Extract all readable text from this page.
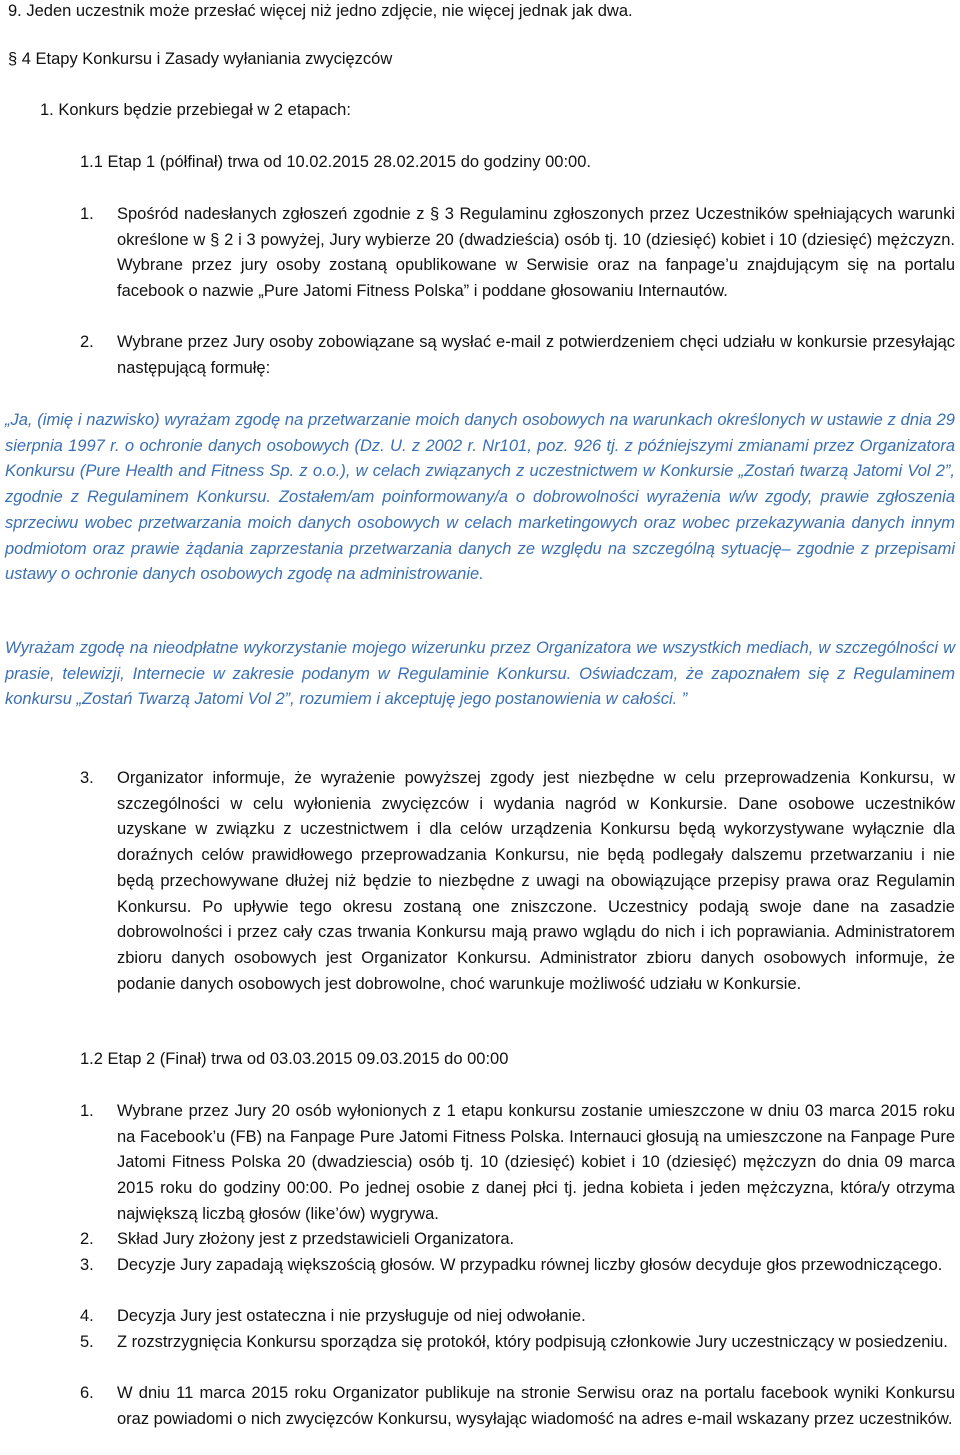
9. Jeden uczestnik może przesłać więcej niż jedno zdjęcie, nie więcej jednak jak dwa.
§ 4 Etapy Konkursu i Zasady wyłaniania zwycięzców
1. Konkurs będzie przebiegał w 2 etapach:
1.1 Etap 1 (półfinał) trwa od 10.02.2015 28.02.2015 do godziny 00:00.
1. Spośród nadesłanych zgłoszeń zgodnie z § 3 Regulaminu zgłoszonych przez Uczestników spełniających warunki określone w § 2 i 3 powyżej, Jury wybierze 20 (dwadzieścia) osób tj. 10 (dziesięć) kobiet i 10 (dziesięć) mężczyzn. Wybrane przez jury osoby zostaną opublikowane w Serwisie oraz na fanpage’u znajdującym się na portalu facebook o nazwie „Pure Jatomi Fitness Polska” i poddane głosowaniu Internautów.

2. Wybrane przez Jury osoby zobowiązane są wysłać e-mail z potwierdzeniem chęci udziału w konkursie przesyłając następującą formułę:

„Ja, (imię i nazwisko) wyrażam zgodę na przetwarzanie moich danych osobowych na warunkach określonych w ustawie z dnia 29 sierpnia 1997 r. o ochronie danych osobowych (Dz. U. z 2002 r. Nr101, poz. 926 tj. z późniejszymi zmianami przez Organizatora Konkursu (Pure Health and Fitness Sp. z o.o.), w celach związanych z uczestnictwem w Konkursie „Zostań twarzą Jatomi Vol 2”, zgodnie z Regulaminem Konkursu. Zostałem/am poinformowany/a o dobrowolności wyrażenia w/w zgody, prawie zgłoszenia sprzeciwu wobec przetwarzania moich danych osobowych w celach marketingowych oraz wobec przekazywania danych innym podmiotom oraz prawie żądania zaprzestania przetwarzania danych ze względu na szczególną sytuację– zgodnie z przepisami ustawy o ochronie danych osobowych zgodę na administrowanie.

Wyrażam zgodę na nieodpłatne wykorzystanie mojego wizerunku przez Organizatora we wszystkich mediach, w szczególności w prasie, telewizji, Internecie w zakresie podanym w Regulaminie Konkursu. Oświadczam, że zapoznałem się z Regulaminem konkursu „Zostań Twarzą Jatomi Vol 2”, rozumiem i akceptuję jego postanowienia w całości. ”

3. Organizator informuje, że wyrażenie powyższej zgody jest niezbędne w celu przeprowadzenia Konkursu, w szczególności w celu wyłonienia zwycięzców i wydania nagród w Konkursie. Dane osobowe uczestników uzyskane w związku z uczestnictwem i dla celów urządzenia Konkursu będą wykorzystywane wyłącznie dla doraźnych celów prawidłowego przeprowadzania Konkursu, nie będą podlegały dalszemu przetwarzaniu i nie będą przechowywane dłużej niż będzie to niezbędne z uwagi na obowiązujące przepisy prawa oraz Regulamin Konkursu. Po upływie tego okresu zostaną one zniszczone. Uczestnicy podają swoje dane na zasadzie dobrowolności i przez cały czas trwania Konkursu mają prawo wglądu do nich i ich poprawiania. Administratorem zbioru danych osobowych jest Organizator Konkursu. Administrator zbioru danych osobowych informuje, że podanie danych osobowych jest dobrowolne, choć warunkuje możliwość udziału w Konkursie.

1.2 Etap 2 (Finał) trwa od 03.03.2015 09.03.2015 do 00:00
1. Wybrane przez Jury 20 osób wyłonionych z 1 etapu konkursu zostanie umieszczone w dniu 03 marca 2015 roku na Facebook’u (FB) na Fanpage Pure Jatomi Fitness Polska. Internauci głosują na umieszczone na Fanpage Pure Jatomi Fitness Polska 20 (dwadziescia) osób tj. 10 (dziesięć) kobiet i 10 (dziesięć) mężczyzn do dnia 09 marca 2015 roku do godziny 00:00. Po jednej osobie z danej płci tj. jedna kobieta i jeden mężczyzna, która/y otrzyma największą liczbą głosów (like’ów) wygrywa.

2. Skład Jury złożony jest z przedstawicieli Organizatora.

3. Decyzje Jury zapadają większością głosów. W przypadku równej liczby głosów decyduje głos przewodniczącego.

4. Decyzja Jury jest ostateczna i nie przysługuje od niej odwołanie.

5. Z rozstrzygnięcia Konkursu sporządza się protokół, który podpisują członkowie Jury uczestniczący w posiedzeniu.

6. W dniu 11 marca 2015 roku Organizator publikuje na stronie Serwisu oraz na portalu facebook wyniki Konkursu oraz powiadomi o nich zwycięzców Konkursu, wysyłając wiadomość na adres e-mail wskazany przez uczestników.
